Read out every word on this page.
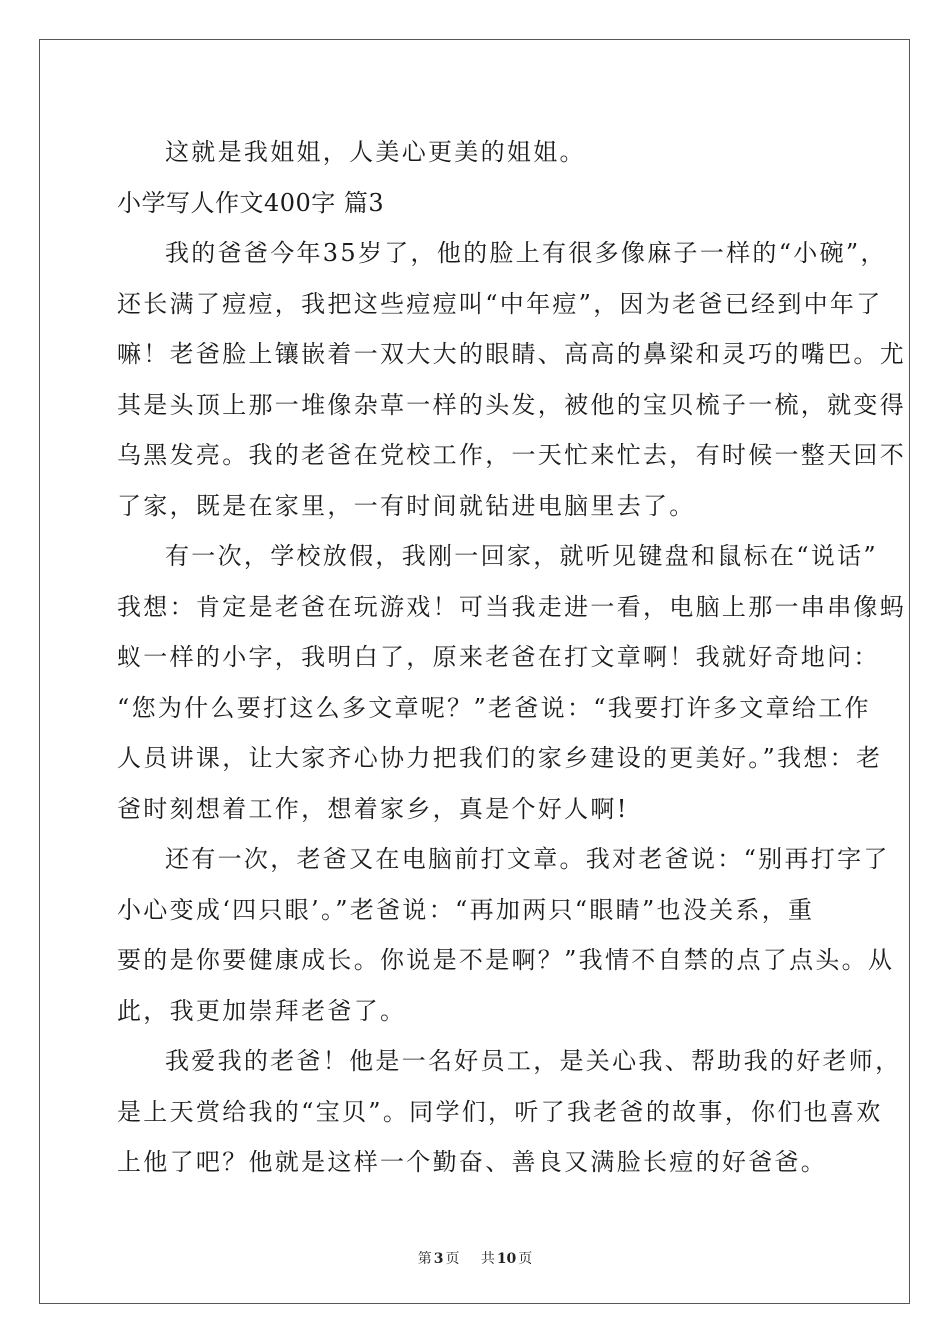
这就是我姐姐，人美心更美的姐姐。
小学写人作文400字 篇3
我的爸爸今年35岁了，他的脸上有很多像麻子一样的“小碗”，
还长满了痘痘，我把这些痘痘叫“中年痘”，因为老爸已经到中年了
嘛！老爸脸上镶嵌着一双大大的眼睛、高高的鼻梁和灵巧的嘴巴。尤
其是头顶上那一堆像杂草一样的头发，被他的宝贝梳子一梳，就变得
乌黑发亮。我的老爸在党校工作，一天忙来忙去，有时候一整天回不
了家，既是在家里，一有时间就钻进电脑里去了。
有一次，学校放假，我刚一回家，就听见键盘和鼠标在“说话”
我想：肯定是老爸在玩游戏！可当我走进一看，电脑上那一串串像蚂
蚁一样的小字，我明白了，原来老爸在打文章啊！我就好奇地问：
“您为什么要打这么多文章呢？”老爸说：“我要打许多文章给工作
人员讲课，让大家齐心协力把我们的家乡建设的更美好。”我想：老
爸时刻想着工作，想着家乡，真是个好人啊!
还有一次，老爸又在电脑前打文章。我对老爸说：“别再打字了
小心变成‘四只眼’。”老爸说：“再加两只“眼睛”也没关系，重
要的是你要健康成长。你说是不是啊？”我情不自禁的点了点头。从
此，我更加崇拜老爸了。
我爱我的老爸！他是一名好员工，是关心我、帮助我的好老师，
是上天赏给我的“宝贝”。同学们，听了我老爸的故事，你们也喜欢
上他了吧？他就是这样一个勤奋、善良又满脸长痘的好爸爸。
第 3 页 共 10 页
